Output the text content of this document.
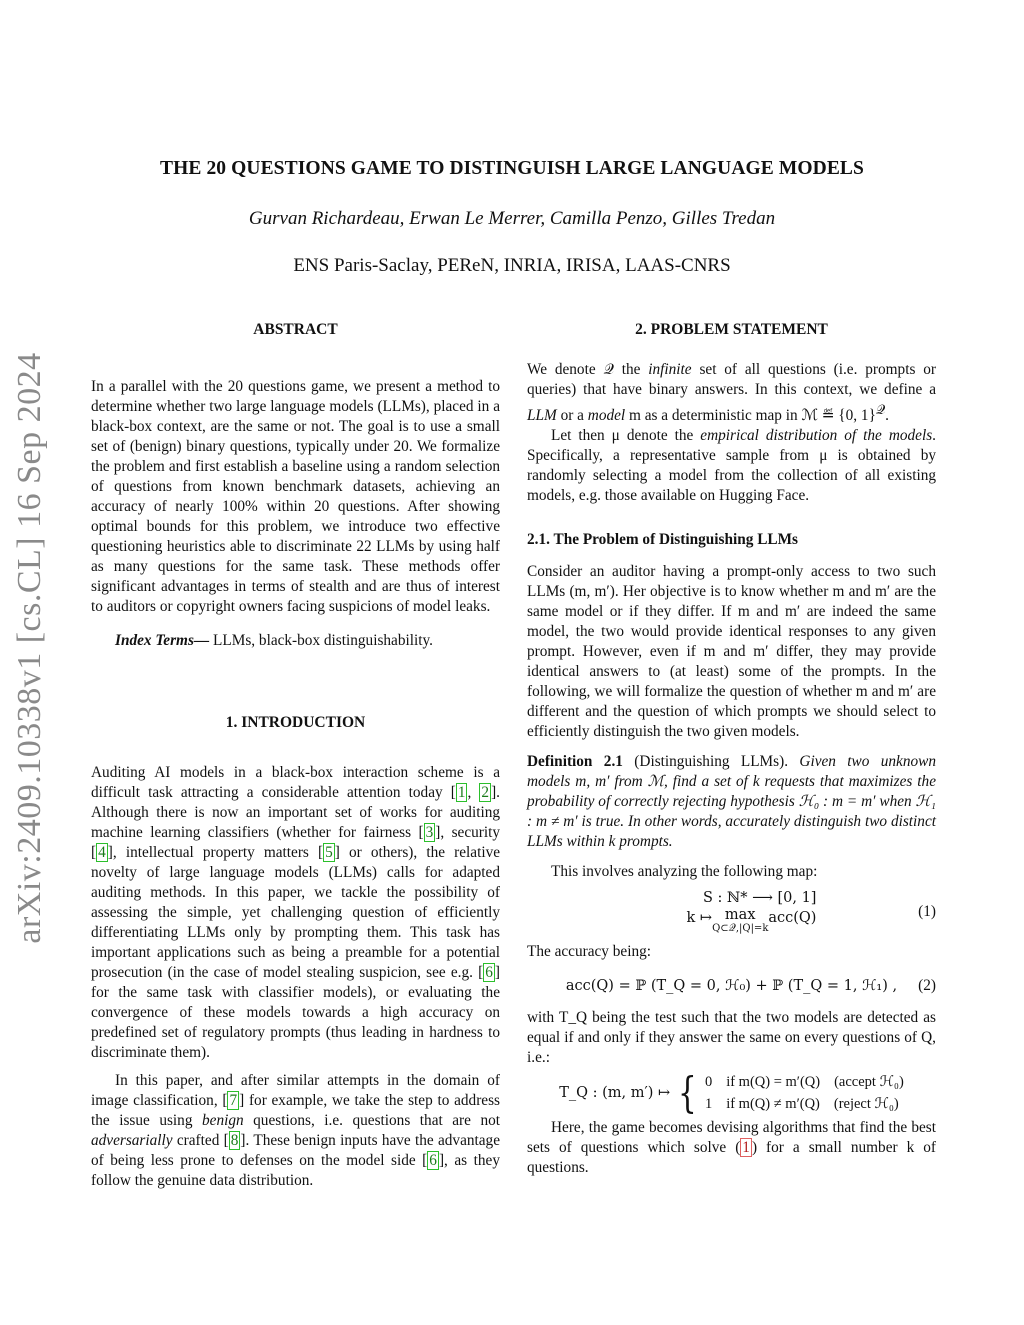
arXiv:2409.10338v1 [cs.CL] 16 Sep 2024
THE 20 QUESTIONS GAME TO DISTINGUISH LARGE LANGUAGE MODELS
Gurvan Richardeau, Erwan Le Merrer, Camilla Penzo, Gilles Tredan
ENS Paris-Saclay, PEReN, INRIA, IRISA, LAAS-CNRS
ABSTRACT

In a parallel with the 20 questions game, we present a method to determine whether two large language models (LLMs), placed in a black-box context, are the same or not. The goal is to use a small set of (benign) binary questions, typically under 20. We formalize the problem and first establish a baseline using a random selection of questions from known benchmark datasets, achieving an accuracy of nearly 100% within 20 questions. After showing optimal bounds for this problem, we introduce two effective questioning heuristics able to discriminate 22 LLMs by using half as many questions for the same task. These methods offer significant advantages in terms of stealth and are thus of interest to auditors or copyright owners facing suspicions of model leaks.

Index Terms— LLMs, black-box distinguishability.

1. INTRODUCTION

Auditing AI models in a black-box interaction scheme is a difficult task attracting a considerable attention today [ 1 , 2 ]. Although there is now an important set of works for auditing machine learning classifiers (whether for fairness [ 3 ], security [ 4 ], intellectual property matters [ 5 ] or others), the relative novelty of large language models (LLMs) calls for adapted auditing methods. In this paper, we tackle the possibility of assessing the simple, yet challenging question of efficiently differentiating LLMs only by prompting them. This task has important applications such as being a preamble for a potential prosecution (in the case of model stealing suspicion, see e.g. [ 6 ] for the same task with classifier models), or evaluating the convergence of these models towards a high accuracy on predefined set of regulatory prompts (thus leading in hardness to discriminate them).

In this paper, and after similar attempts in the domain of image classification, [ 7 ] for example, we take the step to address the issue using benign questions, i.e. questions that are not adversarially crafted [ 8 ]. These benign inputs have the advantage of being less prone to defenses on the model side [ 6 ], as they follow the genuine data distribution.

2. PROBLEM STATEMENT

We denote 𝒬 the infinite set of all questions (i.e. prompts or queries) that have binary answers. In this context, we define a LLM or a model m as a deterministic map in ℳ ≝ {0, 1}$^𝒬$.

Let then μ denote the empirical distribution of the models. Specifically, a representative sample from μ is obtained by randomly selecting a model from the collection of all existing models, e.g. those available on Hugging Face.

2.1. The Problem of Distinguishing LLMs

Consider an auditor having a prompt-only access to two such LLMs (m, m′). Her objective is to know whether m and m′ are the same model or if they differ. If m and m′ are indeed the same model, the two would provide identical responses to any given prompt. However, even if m and m′ differ, they may provide identical answers to (at least) some of the prompts. In the following, we will formalize the question of whether m and m′ are different and the question of which prompts we should select to efficiently distinguish the two given models.

Definition 2.1 (Distinguishing LLMs). Given two unknown models m, m′ from ℳ, find a set of k requests that maximizes the probability of correctly rejecting hypothesis ℋ₀ : m = m′ when ℋ₁ : m ≠ m′ is true. In other words, accurately distinguish two distinct LLMs within k prompts.

This involves analyzing the following map:

S : ℕ* ⟶ [0, 1]
k ↦ max
Q⊂𝒬,|Q|=k
acc(Q)	(1)

The accuracy being:

acc(Q) = ℙ (T_Q = 0, ℋ₀) + ℙ (T_Q = 1, ℋ₁) , (2)

with T_Q being the test such that the two models are detected as equal if and only if they answer the same on every questions of Q, i.e.:

T_Q : (m, m′) ↦ { 0 if m(Q) = m′(Q) (accept ℋ₀)
1 if m(Q) ≠ m′(Q) (reject ℋ₀)

Here, the game becomes devising algorithms that find the best sets of questions which solve ( 1 ) for a small number k of questions.
